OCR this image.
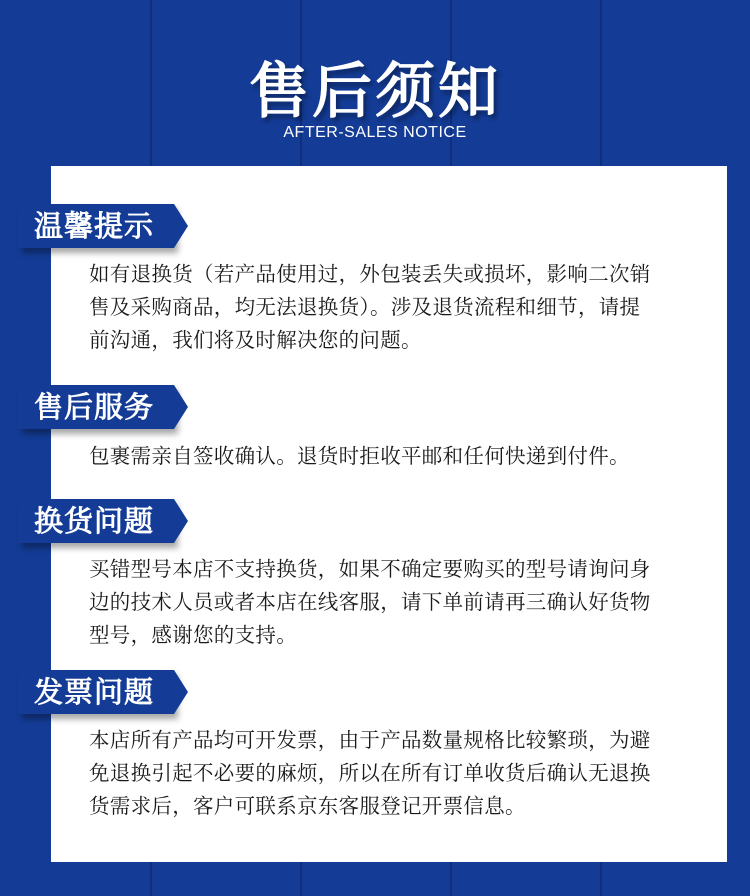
售后须知
AFTER-SALES NOTICE
温馨提示
如有退换货（若产品使用过，外包装丢失或损坏，影响二次销
售及采购商品，均无法退换货）。涉及退货流程和细节，请提
前沟通，我们将及时解决您的问题。
售后服务
包裹需亲自签收确认。退货时拒收平邮和任何快递到付件。
换货问题
买错型号本店不支持换货，如果不确定要购买的型号请询问身
边的技术人员或者本店在线客服，请下单前请再三确认好货物
型号，感谢您的支持。
发票问题
本店所有产品均可开发票，由于产品数量规格比较繁琐，为避
免退换引起不必要的麻烦，所以在所有订单收货后确认无退换
货需求后，客户可联系京东客服登记开票信息。
